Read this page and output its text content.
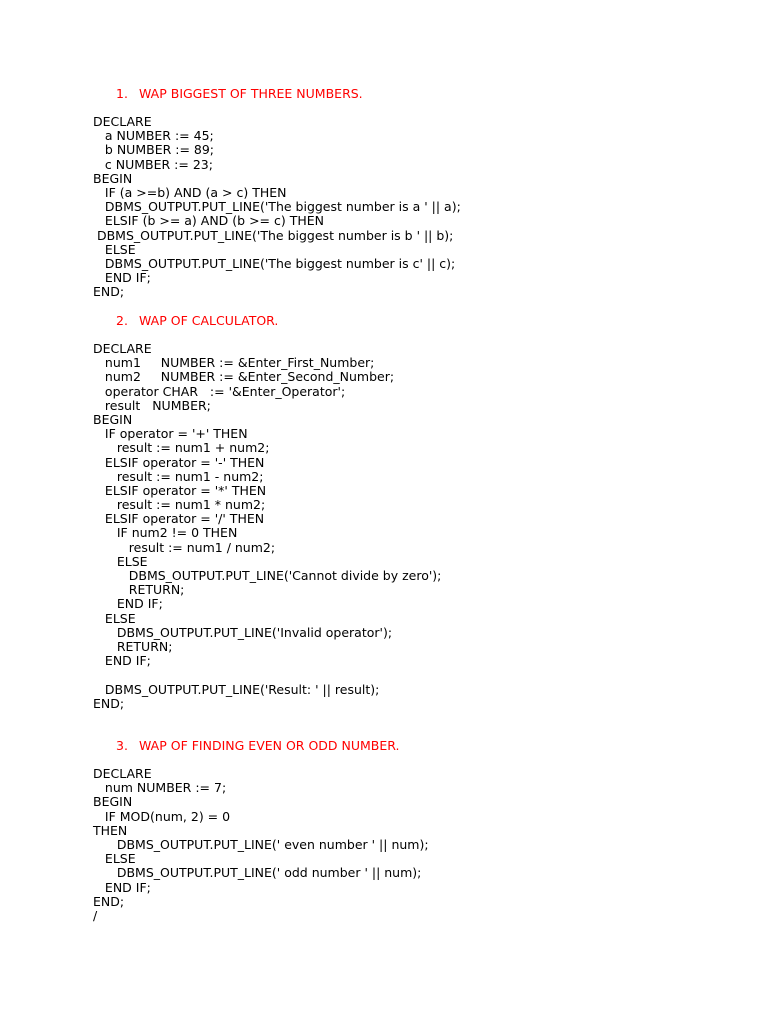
1. WAP BIGGEST OF THREE NUMBERS.
DECLARE
a NUMBER := 45;
b NUMBER := 89;
c NUMBER := 23;
BEGIN
IF (a >=b) AND (a > c) THEN
DBMS_OUTPUT.PUT_LINE('The biggest number is a ' || a);
ELSIF (b >= a) AND (b >= c) THEN
DBMS_OUTPUT.PUT_LINE('The biggest number is b ' || b);
ELSE
DBMS_OUTPUT.PUT_LINE('The biggest number is c' || c);
END IF;
END;
2. WAP OF CALCULATOR.
DECLARE
num1     NUMBER := &Enter_First_Number;
num2     NUMBER := &Enter_Second_Number;
operator CHAR   := '&Enter_Operator';
result   NUMBER;
BEGIN
IF operator = '+' THEN
result := num1 + num2;
ELSIF operator = '-' THEN
result := num1 - num2;
ELSIF operator = '*' THEN
result := num1 * num2;
ELSIF operator = '/' THEN
IF num2 != 0 THEN
result := num1 / num2;
ELSE
DBMS_OUTPUT.PUT_LINE('Cannot divide by zero');
RETURN;
END IF;
ELSE
DBMS_OUTPUT.PUT_LINE('Invalid operator');
RETURN;
END IF;
DBMS_OUTPUT.PUT_LINE('Result: ' || result);
END;
3. WAP OF FINDING EVEN OR ODD NUMBER.
DECLARE
num NUMBER := 7;
BEGIN
IF MOD(num, 2) = 0
THEN
DBMS_OUTPUT.PUT_LINE(' even number ' || num);
ELSE
DBMS_OUTPUT.PUT_LINE(' odd number ' || num);
END IF;
END;
/
